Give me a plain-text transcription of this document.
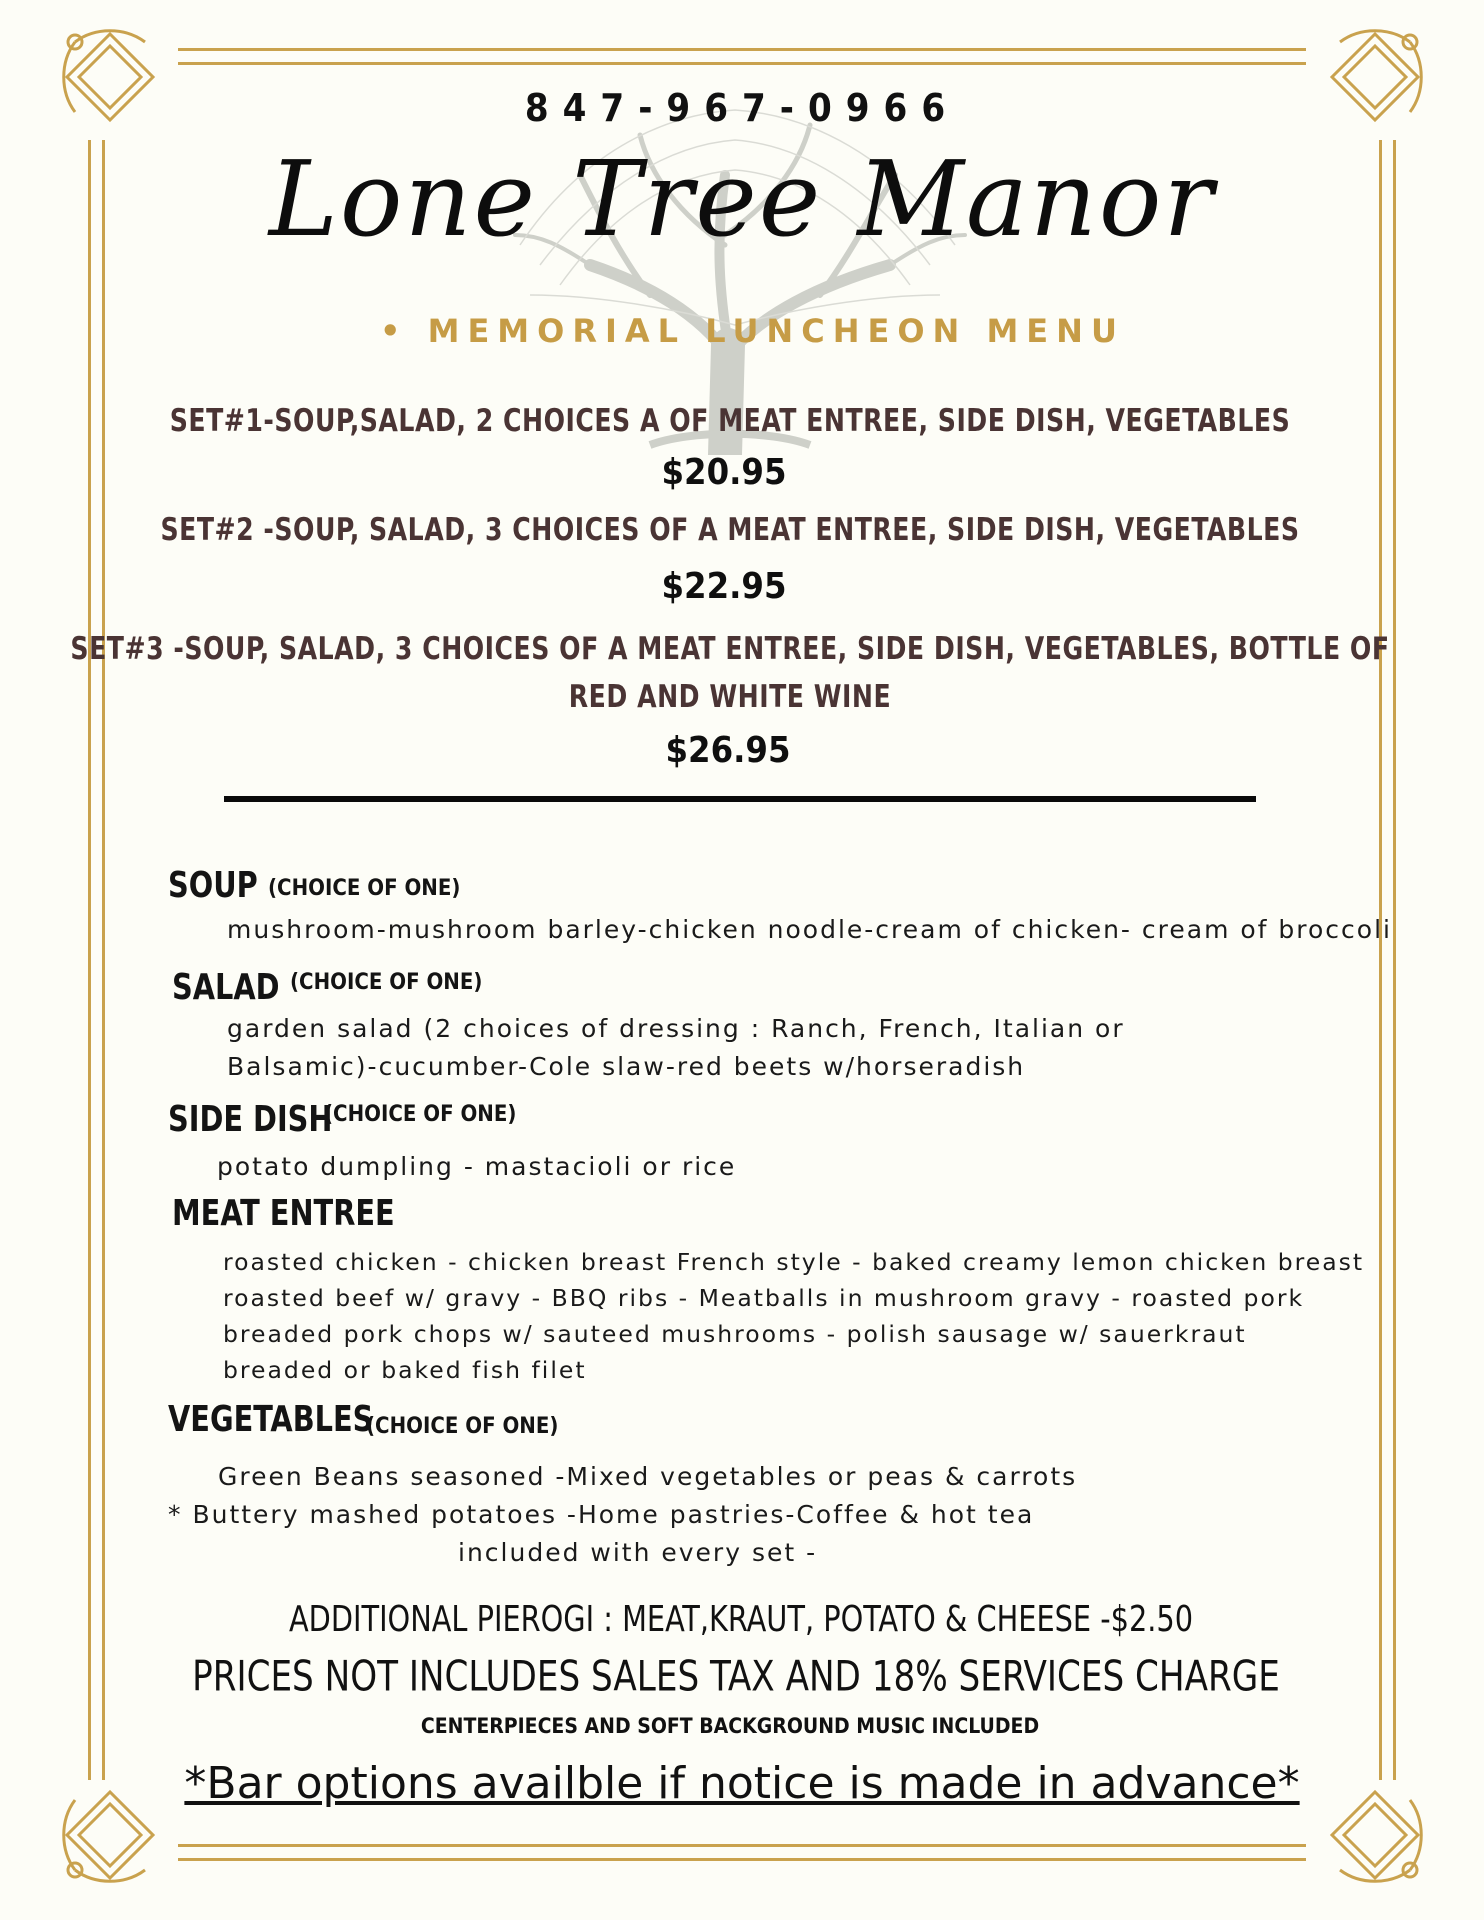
847-967-0966
Lone Tree Manor
• MEMORIAL LUNCHEON MENU
SET#1-SOUP,SALAD, 2 CHOICES A OF MEAT ENTREE, SIDE DISH, VEGETABLES
$20.95
SET#2 -SOUP, SALAD, 3 CHOICES OF A MEAT ENTREE, SIDE DISH, VEGETABLES
$22.95
SET#3 -SOUP, SALAD, 3 CHOICES OF A MEAT ENTREE, SIDE DISH, VEGETABLES, BOTTLE OF
RED AND WHITE WINE
$26.95
SOUP (CHOICE OF ONE)
mushroom-mushroom barley-chicken noodle-cream of chicken- cream of broccoli
SALAD (CHOICE OF ONE)
garden salad (2 choices of dressing : Ranch, French, Italian or
Balsamic)-cucumber-Cole slaw-red beets w/horseradish
SIDE DISH
(CHOICE OF ONE)
potato dumpling - mastacioli or rice
MEAT ENTREE
roasted chicken - chicken breast French style - baked creamy lemon chicken breast
roasted beef w/ gravy - BBQ ribs - Meatballs in mushroom gravy - roasted pork
breaded pork chops w/ sauteed mushrooms - polish sausage w/ sauerkraut
breaded or baked fish filet
VEGETABLES
(CHOICE OF ONE)
Green Beans seasoned -Mixed vegetables or peas & carrots
* Buttery mashed potatoes -Home pastries-Coffee & hot tea
included with every set -
ADDITIONAL PIEROGI : MEAT,KRAUT, POTATO & CHEESE -$2.50
PRICES NOT INCLUDES SALES TAX AND 18% SERVICES CHARGE
CENTERPIECES AND SOFT BACKGROUND MUSIC INCLUDED
*Bar options availble if notice is made in advance*
